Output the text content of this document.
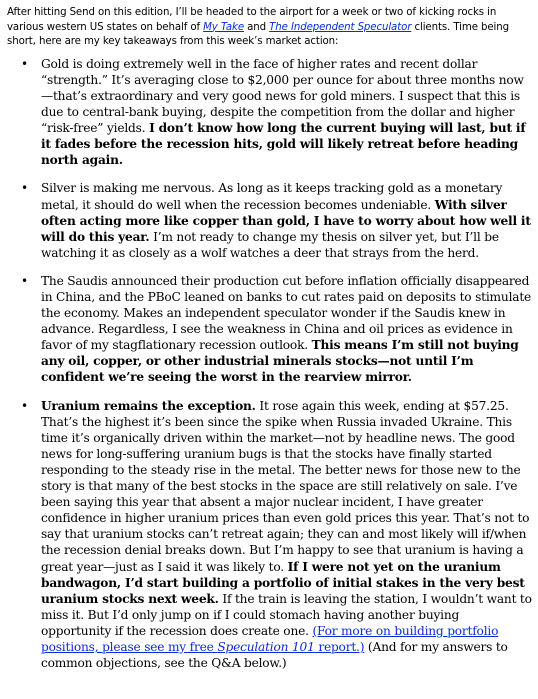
After hitting Send on this edition, I’ll be headed to the airport for a week or two of kicking rocks in various western US states on behalf of My Take and The Independent Speculator clients. Time being short, here are my key takeaways from this week’s market action:

• Gold is doing extremely well in the face of higher rates and recent dollar “strength.” It’s averaging close to $2,000 per ounce for about three months now—that’s extraordinary and very good news for gold miners. I suspect that this is due to central-bank buying, despite the competition from the dollar and higher “risk-free” yields. I don’t know how long the current buying will last, but if it fades before the recession hits, gold will likely retreat before heading north again.
• Silver is making me nervous. As long as it keeps tracking gold as a monetary metal, it should do well when the recession becomes undeniable. With silver often acting more like copper than gold, I have to worry about how well it will do this year. I’m not ready to change my thesis on silver yet, but I’ll be watching it as closely as a wolf watches a deer that strays from the herd.
• The Saudis announced their production cut before inflation officially disappeared in China, and the PBoC leaned on banks to cut rates paid on deposits to stimulate the economy. Makes an independent speculator wonder if the Saudis knew in advance. Regardless, I see the weakness in China and oil prices as evidence in favor of my stagflationary recession outlook. This means I’m still not buying any oil, copper, or other industrial minerals stocks—not until I’m confident we’re seeing the worst in the rearview mirror.
• Uranium remains the exception. It rose again this week, ending at $57.25. That’s the highest it’s been since the spike when Russia invaded Ukraine. This time it’s organically driven within the market—not by headline news. The good news for long-suffering uranium bugs is that the stocks have finally started responding to the steady rise in the metal. The better news for those new to the story is that many of the best stocks in the space are still relatively on sale. I’ve been saying this year that absent a major nuclear incident, I have greater confidence in higher uranium prices than even gold prices this year. That’s not to say that uranium stocks can’t retreat again; they can and most likely will if/when the recession denial breaks down. But I’m happy to see that uranium is having a great year—just as I said it was likely to. If I were not yet on the uranium bandwagon, I’d start building a portfolio of initial stakes in the very best uranium stocks next week. If the train is leaving the station, I wouldn’t want to miss it. But I’d only jump on if I could stomach having another buying opportunity if the recession does create one. (For more on building portfolio positions, please see my free Speculation 101 report.) (And for my answers to common objections, see the Q&A below.)
